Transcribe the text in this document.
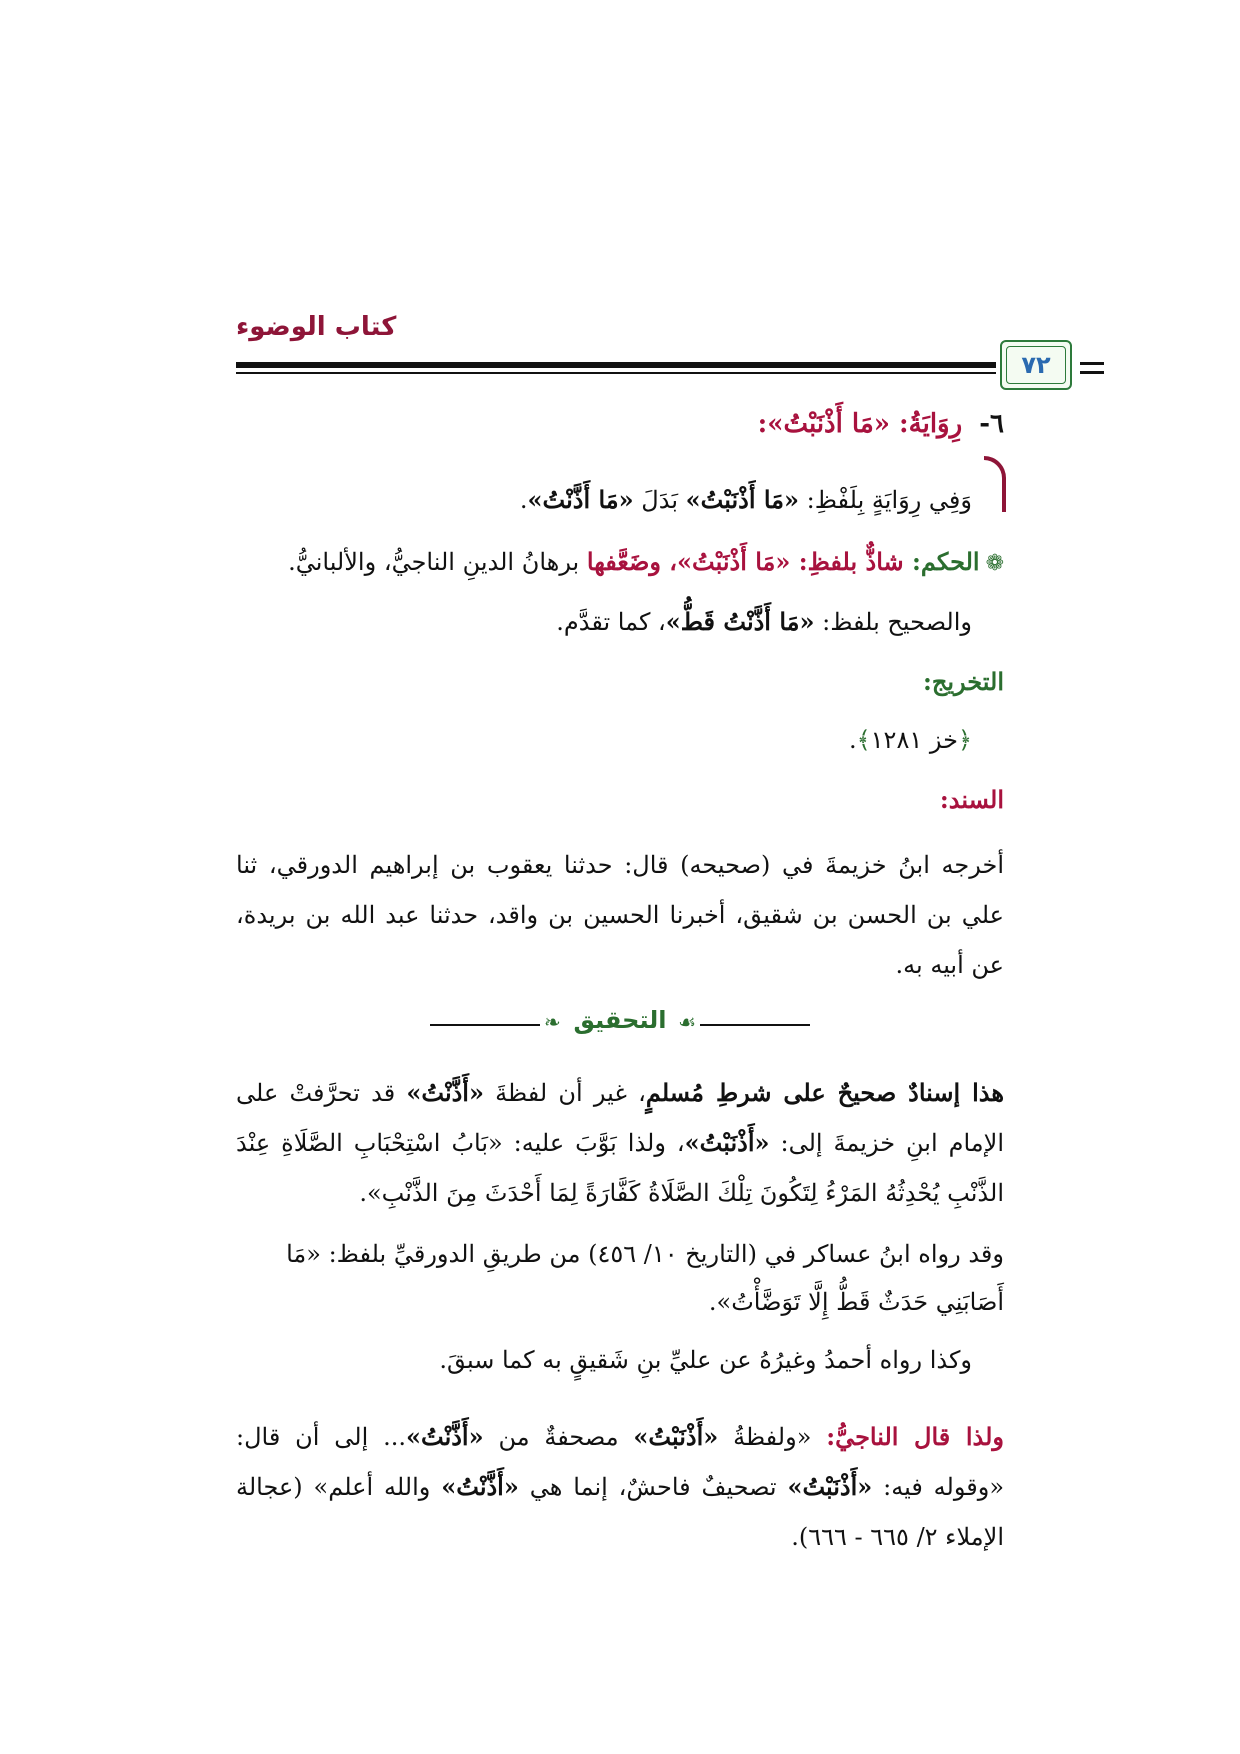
كتاب الوضوء
٧٢
٦- رِوَايَةُ: «مَا أَذْنَبْتُ»:
وَفِي رِوَايَةٍ بِلَفْظِ: «مَا أَذْنَبْتُ» بَدَلَ «مَا أَذَّنْتُ».
❁الحكم: شاذٌّ بلفظِ: «مَا أَذْنَبْتُ»، وضَعَّفها برهانُ الدينِ الناجيُّ، والألبانيُّ.
والصحيح بلفظ: «مَا أَذَّنْتُ قَطُّ»، كما تقدَّم.
التخريج:
﴿خز ١٢٨١﴾.
السند:
أخرجه ابنُ خزيمةَ في (صحيحه) قال: حدثنا يعقوب بن إبراهيم الدورقي، ثنا علي بن الحسن بن شقيق، أخبرنا الحسين بن واقد، حدثنا عبد الله بن بريدة، عن أبيه به.
❧	☙
التحقيق
هذا إسنادٌ صحيحٌ على شرطِ مُسلمٍ، غير أن لفظةَ «أَذَّنْتُ» قد تحرَّفتْ على الإمام ابنِ خزيمةَ إلى: «أَذْنَبْتُ»، ولذا بَوَّبَ عليه: «بَابُ اسْتِحْبَابِ الصَّلَاةِ عِنْدَ الذَّنْبِ يُحْدِثُهُ المَرْءُ لِتَكُونَ تِلْكَ الصَّلَاةُ كَفَّارَةً لِمَا أَحْدَثَ مِنَ الذَّنْبِ».
وقد رواه ابنُ عساكر في (التاريخ ١٠/ ٤٥٦) من طريقِ الدورقيِّ بلفظ: «مَا أَصَابَنِي حَدَثٌ قَطُّ إِلَّا تَوَضَّأْتُ».
وكذا رواه أحمدُ وغيرُهُ عن عليِّ بنِ شَقيقٍ به كما سبقَ.
ولذا قال الناجيُّ: «ولفظةُ «أَذْنَبْتُ» مصحفةٌ من «أَذَّنْتُ»... إلى أن قال: «وقوله فيه: «أَذْنَبْتُ» تصحيفٌ فاحشٌ، إنما هي «أَذَّنْتُ» والله أعلم» (عجالة الإملاء ٢/ ٦٦٥ - ٦٦٦).
